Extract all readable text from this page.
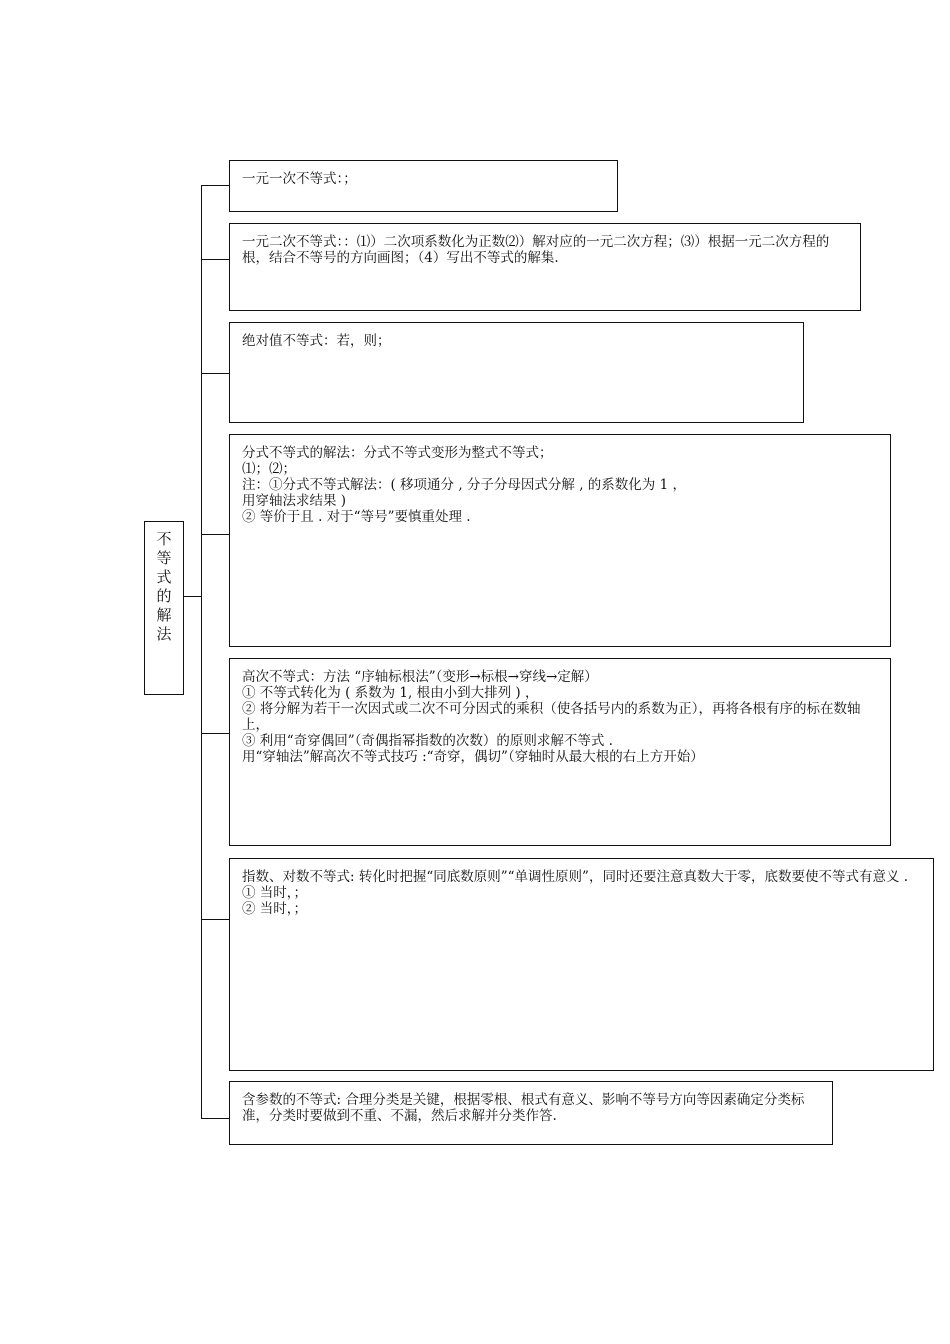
不
等
式
的
解
法
一元一次不等式：；
一元二次不等式：：⑴）二次项系数化为正数⑵）解对应的一元二次方程；⑶）根据一元二次方程的根，结合不等号的方向画图；（4）写出不等式的解集.
绝对值不等式：若，则；
分式不等式的解法：分式不等式变形为整式不等式；
⑴；⑵；
注：①分式不等式解法：( 移项通分 , 分子分母因式分解 , 的系数化为 1 ，
用穿轴法求结果 )
② 等价于且 . 对于“等号”要慎重处理 .
高次不等式：方法 “序轴标根法”（变形→标根→穿线→定解）
① 不等式转化为 ( 系数为 1, 根由小到大排列 ) ，
② 将分解为若干一次因式或二次不可分因式的乘积（使各括号内的系数为正），再将各根有序的标在数轴上，
③ 利用“奇穿偶回”（奇偶指幂指数的次数）的原则求解不等式 .
用“穿轴法”解高次不等式技巧 :“奇穿，偶切”（穿轴时从最大根的右上方开始）
指数、对数不等式: 转化时把握“同底数原则”“单调性原则”，同时还要注意真数大于零，底数要使不等式有意义 .
① 当时，；
② 当时，；
含参数的不等式: 合理分类是关键，根据零根、根式有意义、影响不等号方向等因素确定分类标准，分类时要做到不重、不漏，然后求解并分类作答.
